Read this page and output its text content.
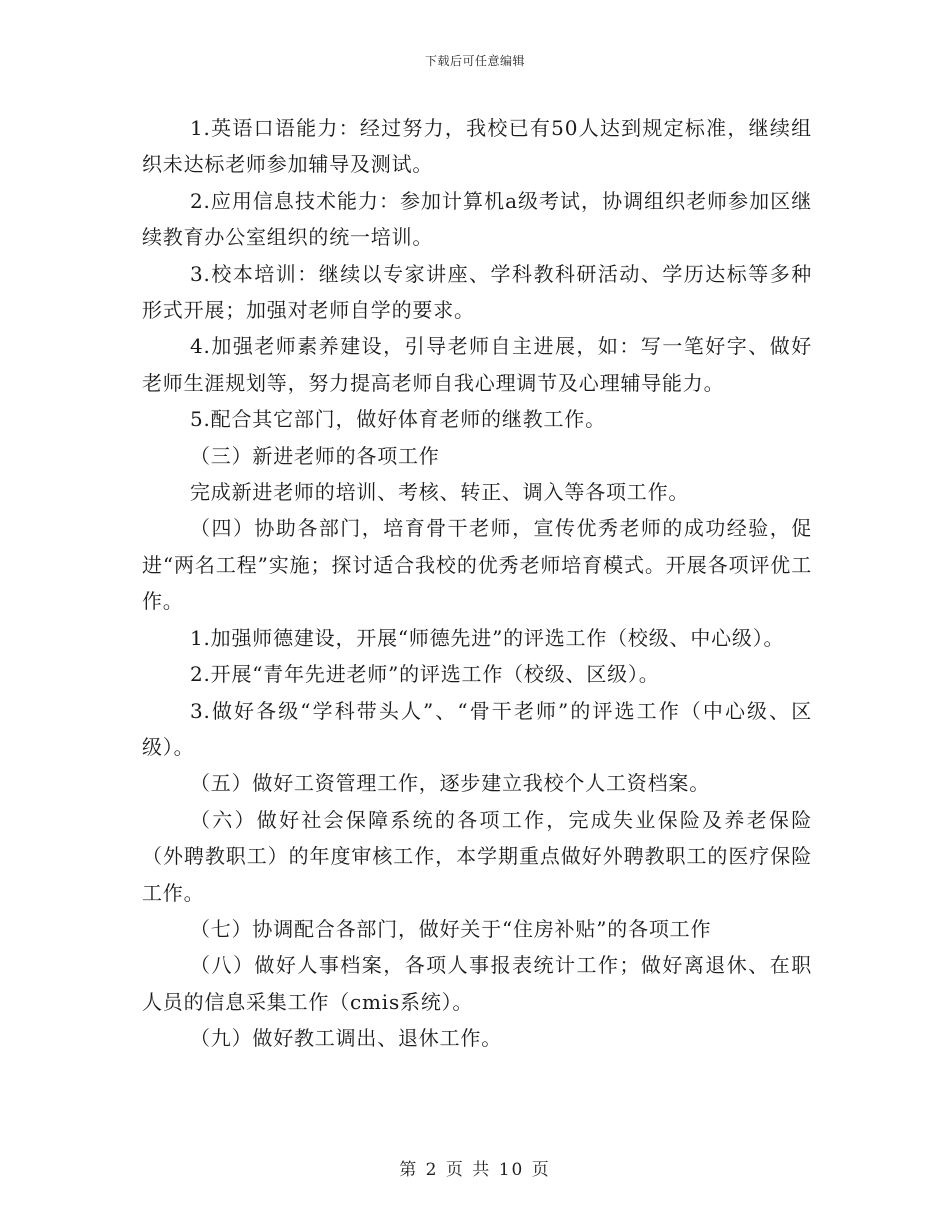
下载后可任意编辑

1.英语口语能力：经过努力，我校已有50人达到规定标准，继续组织未达标老师参加辅导及测试。

2.应用信息技术能力：参加计算机a级考试，协调组织老师参加区继续教育办公室组织的统一培训。

3.校本培训：继续以专家讲座、学科教科研活动、学历达标等多种形式开展；加强对老师自学的要求。

4.加强老师素养建设，引导老师自主进展，如：写一笔好字、做好老师生涯规划等，努力提高老师自我心理调节及心理辅导能力。

5.配合其它部门，做好体育老师的继教工作。

（三）新进老师的各项工作

完成新进老师的培训、考核、转正、调入等各项工作。

（四）协助各部门，培育骨干老师，宣传优秀老师的成功经验，促进“两名工程”实施；探讨适合我校的优秀老师培育模式。开展各项评优工作。

1.加强师德建设，开展“师德先进”的评选工作（校级、中心级）。

2.开展“青年先进老师”的评选工作（校级、区级）。

3.做好各级“学科带头人”、“骨干老师”的评选工作（中心级、区级）。

（五）做好工资管理工作，逐步建立我校个人工资档案。

（六）做好社会保障系统的各项工作，完成失业保险及养老保险（外聘教职工）的年度审核工作，本学期重点做好外聘教职工的医疗保险工作。

（七）协调配合各部门，做好关于“住房补贴”的各项工作

（八）做好人事档案，各项人事报表统计工作；做好离退休、在职人员的信息采集工作（cmis系统）。

（九）做好教工调出、退休工作。

第 2 页 共 10 页
